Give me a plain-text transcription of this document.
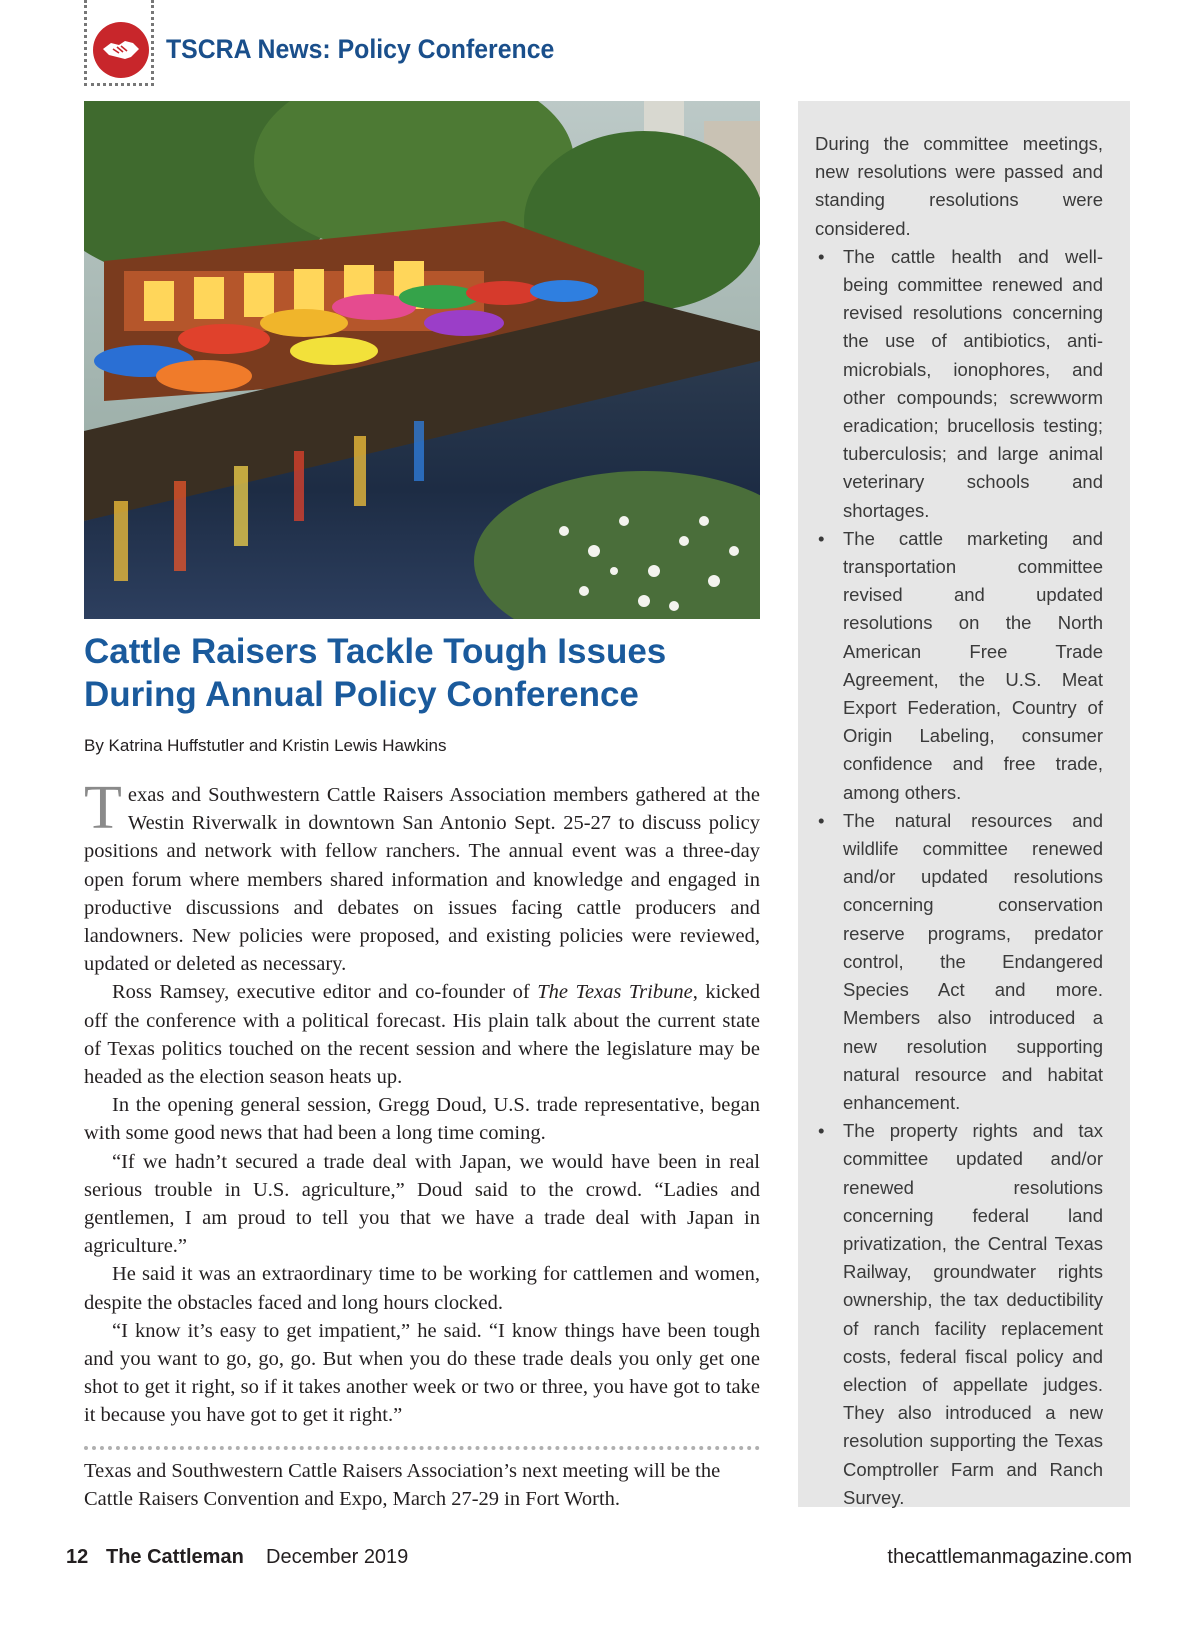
TSCRA News: Policy Conference
Cattle Raisers Tackle Tough Issues
During Annual Policy Conference
By Katrina Huffstutler and Kristin Lewis Hawkins

Texas and Southwestern Cattle Raisers Association members gathered at the Westin Riverwalk in downtown San Antonio Sept. 25-27 to discuss policy positions and network with fellow ranchers. The annual event was a three-day open forum where members shared information and knowledge and engaged in productive discussions and debates on issues facing cattle producers and landowners. New policies were proposed, and existing policies were reviewed, updated or deleted as necessary.

Ross Ramsey, executive editor and co-founder of The Texas Tribune, kicked off the conference with a political forecast. His plain talk about the current state of Texas politics touched on the recent session and where the legislature may be headed as the election season heats up.

In the opening general session, Gregg Doud, U.S. trade representative, began with some good news that had been a long time coming.

“If we hadn’t secured a trade deal with Japan, we would have been in real serious trouble in U.S. agriculture,” Doud said to the crowd. “Ladies and gentlemen, I am proud to tell you that we have a trade deal with Japan in agriculture.”

He said it was an extraordinary time to be working for cattlemen and women, despite the obstacles faced and long hours clocked.

“I know it’s easy to get impatient,” he said. “I know things have been tough and you want to go, go, go. But when you do these trade deals you only get one shot to get it right, so if it takes another week or two or three, you have got to take it because you have got to get it right.”

Texas and Southwestern Cattle Raisers Association’s next meeting will be the Cattle Raisers Convention and Expo, March 27-29 in Fort Worth.

During the committee meetings, new resolutions were passed and standing resolutions were considered.

• The cattle health and well-being committee renewed and revised resolutions concerning the use of antibiotics, anti-microbials, ionophores, and other compounds; screwworm eradication; brucellosis testing; tuberculosis; and large animal veterinary schools and shortages.
• The cattle marketing and transportation committee revised and updated resolutions on the North American Free Trade Agreement, the U.S. Meat Export Federation, Country of Origin Labeling, consumer confidence and free trade, among others.
• The natural resources and wildlife committee renewed and/or updated resolutions concerning conservation reserve programs, predator control, the Endangered Species Act and more. Members also introduced a new resolution supporting natural resource and habitat enhancement.
• The property rights and tax committee updated and/or renewed resolutions concerning federal land privatization, the Central Texas Railway, groundwater rights ownership, the tax deductibility of ranch facility replacement costs, federal fiscal policy and election of appellate judges. They also introduced a new resolution supporting the Texas Comptroller Farm and Ranch Survey.
12 The Cattleman December 2019	thecattlemanmagazine.com
